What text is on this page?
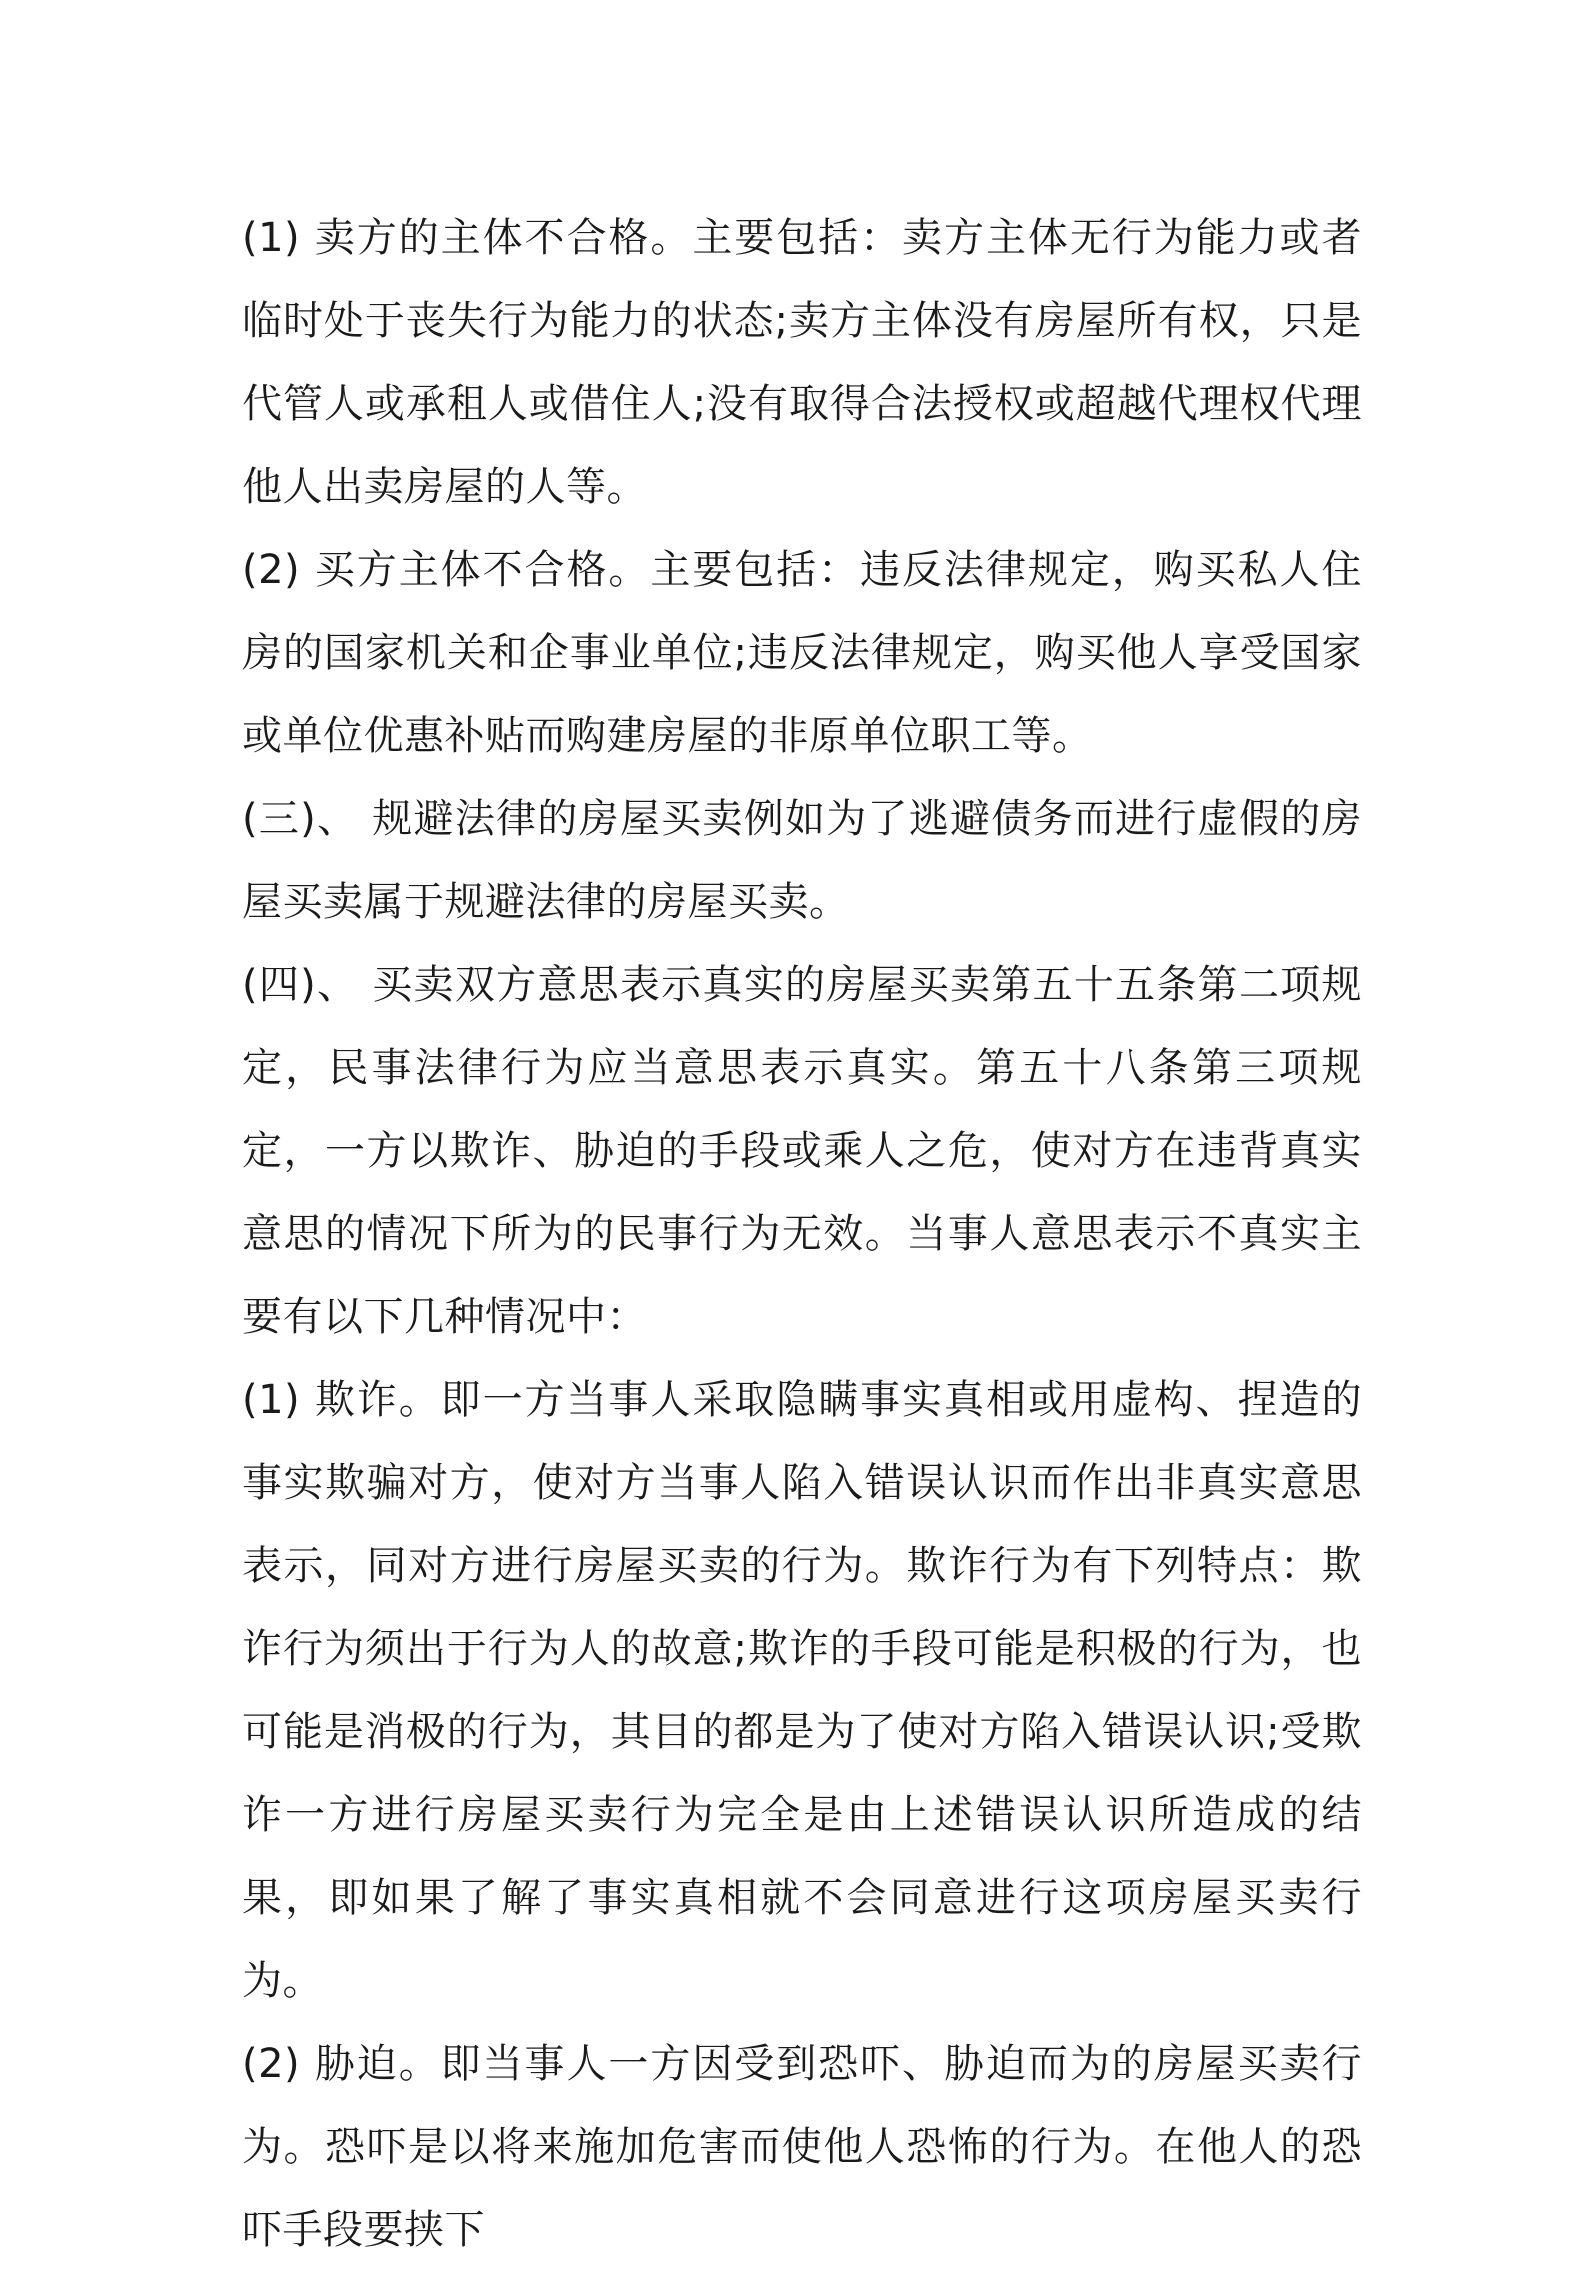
(1) 卖方的主体不合格。主要包括：卖方主体无行为能力或者临时处于丧失行为能力的状态;卖方主体没有房屋所有权，只是代管人或承租人或借住人;没有取得合法授权或超越代理权代理他人出卖房屋的人等。

(2) 买方主体不合格。主要包括：违反法律规定，购买私人住房的国家机关和企事业单位;违反法律规定，购买他人享受国家或单位优惠补贴而购建房屋的非原单位职工等。

(三)、 规避法律的房屋买卖例如为了逃避债务而进行虚假的房屋买卖属于规避法律的房屋买卖。

(四)、 买卖双方意思表示真实的房屋买卖第五十五条第二项规定，民事法律行为应当意思表示真实。第五十八条第三项规定，一方以欺诈、胁迫的手段或乘人之危，使对方在违背真实意思的情况下所为的民事行为无效。当事人意思表示不真实主要有以下几种情况中：

(1) 欺诈。即一方当事人采取隐瞒事实真相或用虚构、捏造的事实欺骗对方，使对方当事人陷入错误认识而作出非真实意思表示，同对方进行房屋买卖的行为。欺诈行为有下列特点：欺诈行为须出于行为人的故意;欺诈的手段可能是积极的行为，也可能是消极的行为，其目的都是为了使对方陷入错误认识;受欺诈一方进行房屋买卖行为完全是由上述错误认识所造成的结果，即如果了解了事实真相就不会同意进行这项房屋买卖行为。

(2) 胁迫。即当事人一方因受到恐吓、胁迫而为的房屋买卖行为。恐吓是以将来施加危害而使他人恐怖的行为。在他人的恐吓手段要挟下
